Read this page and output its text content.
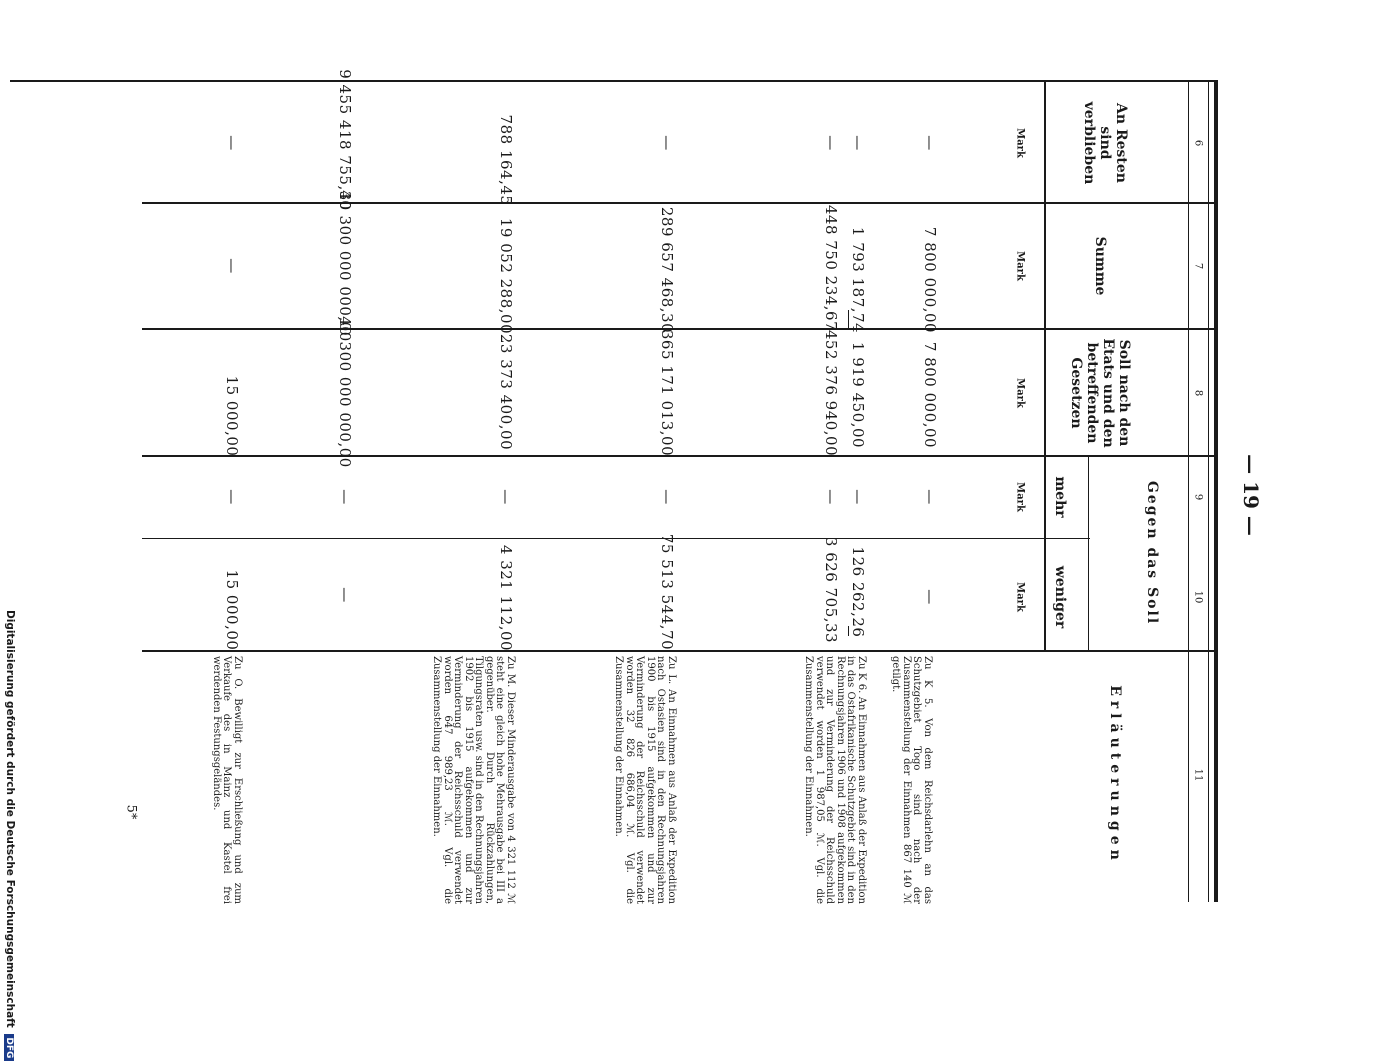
— 19 —
5*
Digitalisierung gefördert durch die Deutsche Forschungsgemeinschaft DFG
6
7
8
9
10
11
An Resten sind verblieben
Summe
Soll nach den Etats und den betreffenden Gesetzen
Gegen das Soll
mehr
weniger
Erläuterungen
Mark
Mark
Mark
Mark
Mark
—
7 800 000,00
7 800 000,00
—
—
—
1 793 187,74
1 919 450,00
—
126 262,26
—
448 750 234,67
452 376 940,00
—
3 626 705,33
—
289 657 468,30
365 171 013,00
—
75 513 544,70
788 164,45
19 052 288,00
23 373 400,00
—
4 321 112,00
9 455 418 755,30
40 300 000 000,00
40 300 000 000,00
—
—
—
—
15 000,00
—
15 000,00

Zu K 5. Von dem Reichsdarlehn an das Schutzgebiet Togo sind nach der Zusammenstellung der Einnahmen 867 140 ℳ getilgt.

Zu K 6. An Einnahmen aus Anlaß der Expedition in das Ostafrikanische Schutzgebiet sind in den Rechnungsjahren 1906 und 1908 aufgekommen und zur Verminderung der Reichsschuld verwendet worden 1 987,05 ℳ. Vgl. die Zusammenstellung der Einnahmen.

Zu L. An Einnahmen aus Anlaß der Expedition nach Ostasien sind in den Rechnungsjahren 1900 bis 1915 aufgekommen und zur Verminderung der Reichsschuld verwendet worden 32 826 686,04 ℳ. Vgl. die Zusammenstellung der Einnahmen.

Zu M. Dieser Minderausgabe von 4 321 112 ℳ steht eine gleich hohe Mehrausgabe bei III a gegenüber. Durch Rückzahlungen, Tilgungsraten usw. sind in den Rechnungsjahren 1902 bis 1915 aufgekommen und zur Verminderung der Reichsschuld verwendet worden 647 989,23 ℳ. Vgl. die Zusammenstellung der Einnahmen.

Zu O. Bewilligt zur Erschließung und zum Verkaufe des in Mainz und Kastel frei werdenden Festungsgeländes.
